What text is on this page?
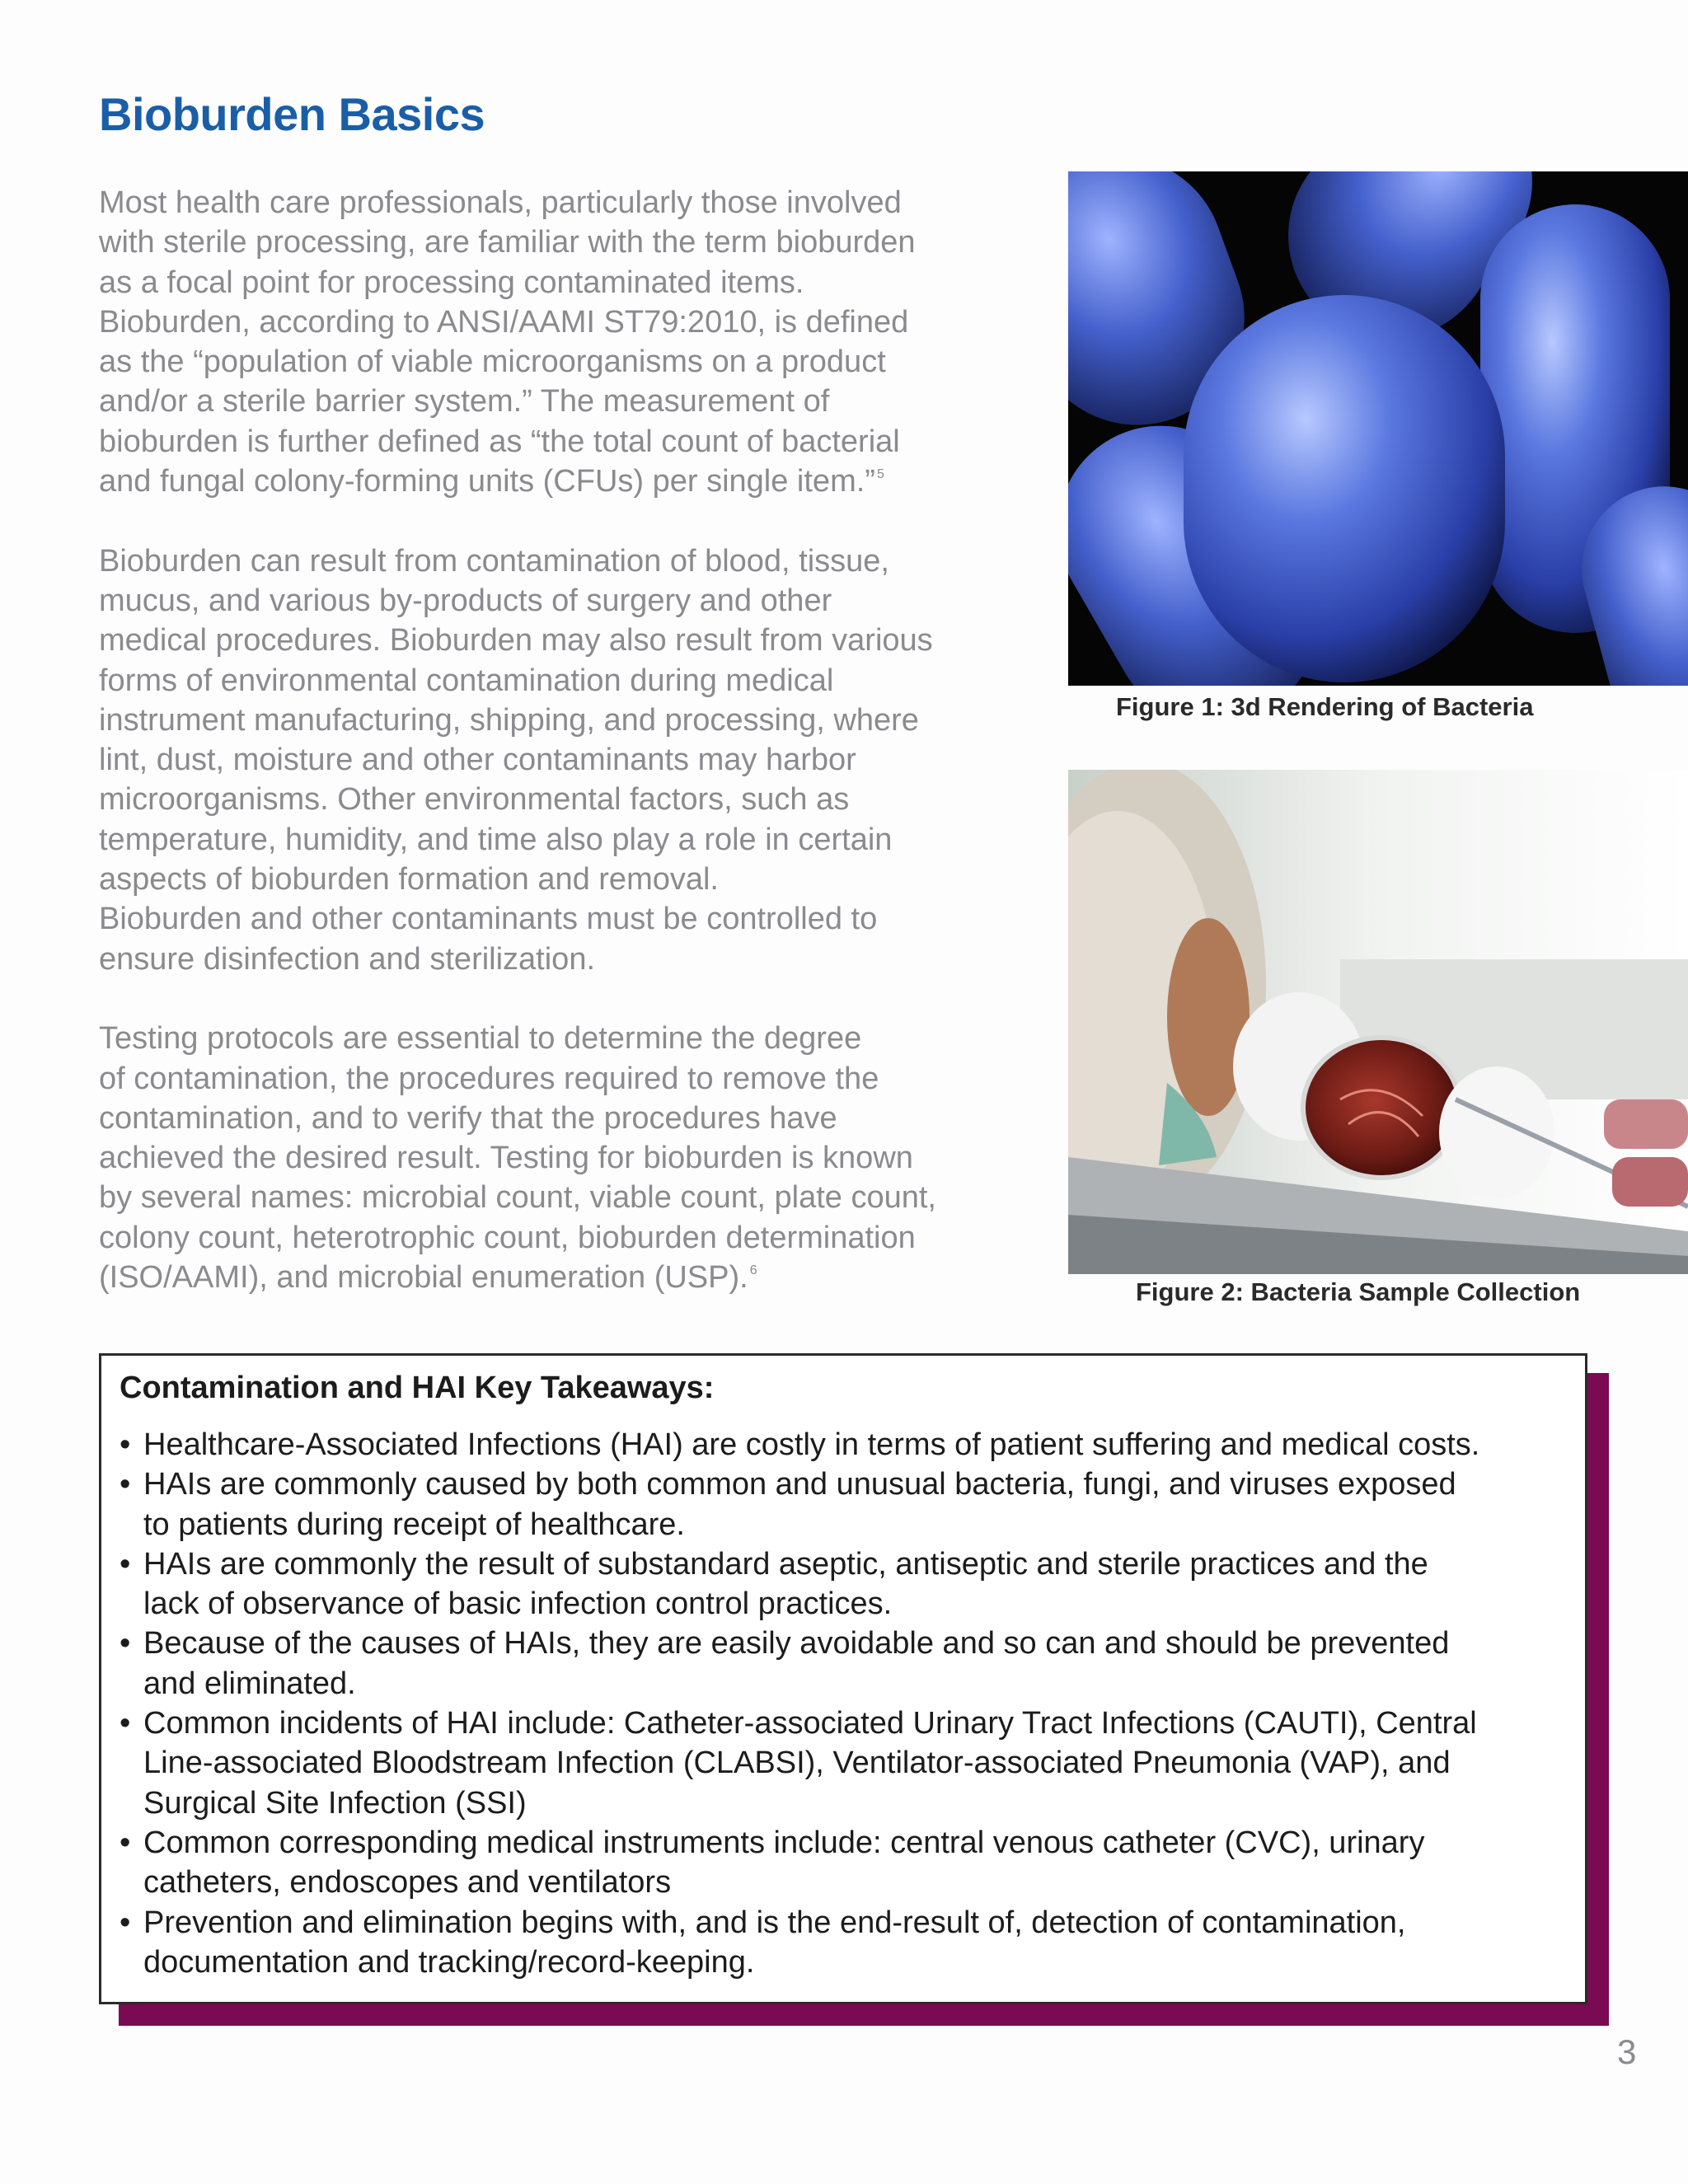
Bioburden Basics

Most health care professionals, particularly those involved
with sterile processing, are familiar with the term bioburden
as a focal point for processing contaminated items.
Bioburden, according to ANSI/AAMI ST79:2010, is defined
as the “population of viable microorganisms on a product
and/or a sterile barrier system.” The measurement of
bioburden is further defined as “the total count of bacterial
and fungal colony-forming units (CFUs) per single item.” $^5$

Bioburden can result from contamination of blood, tissue,
mucus, and various by-products of surgery and other
medical procedures. Bioburden may also result from various
forms of environmental contamination during medical
instrument manufacturing, shipping, and processing, where
lint, dust, moisture and other contaminants may harbor
microorganisms. Other environmental factors, such as
temperature, humidity, and time also play a role in certain
aspects of bioburden formation and removal.

Bioburden and other contaminants must be controlled to
ensure disinfection and sterilization.

Testing protocols are essential to determine the degree
of contamination, the procedures required to remove the
contamination, and to verify that the procedures have
achieved the desired result. Testing for bioburden is known
by several names: microbial count, viable count, plate count,
colony count, heterotrophic count, bioburden determination
(ISO/AAMI), and microbial enumeration (USP). $^6$

Figure 1: 3d Rendering of Bacteria
Figure 2: Bacteria Sample Collection
Contamination and HAI Key Takeaways:
• Healthcare-Associated Infections (HAI) are costly in terms of patient suffering and medical costs.
• HAIs are commonly caused by both common and unusual bacteria, fungi, and viruses exposed
to patients during receipt of healthcare.
• HAIs are commonly the result of substandard aseptic, antiseptic and sterile practices and the
lack of observance of basic infection control practices.
• Because of the causes of HAIs, they are easily avoidable and so can and should be prevented
and eliminated.
• Common incidents of HAI include: Catheter-associated Urinary Tract Infections (CAUTI), Central
Line-associated Bloodstream Infection (CLABSI), Ventilator-associated Pneumonia (VAP), and
Surgical Site Infection (SSI)
• Common corresponding medical instruments include: central venous catheter (CVC), urinary
catheters, endoscopes and ventilators
• Prevention and elimination begins with, and is the end-result of, detection of contamination,
documentation and tracking/record-keeping.
3
